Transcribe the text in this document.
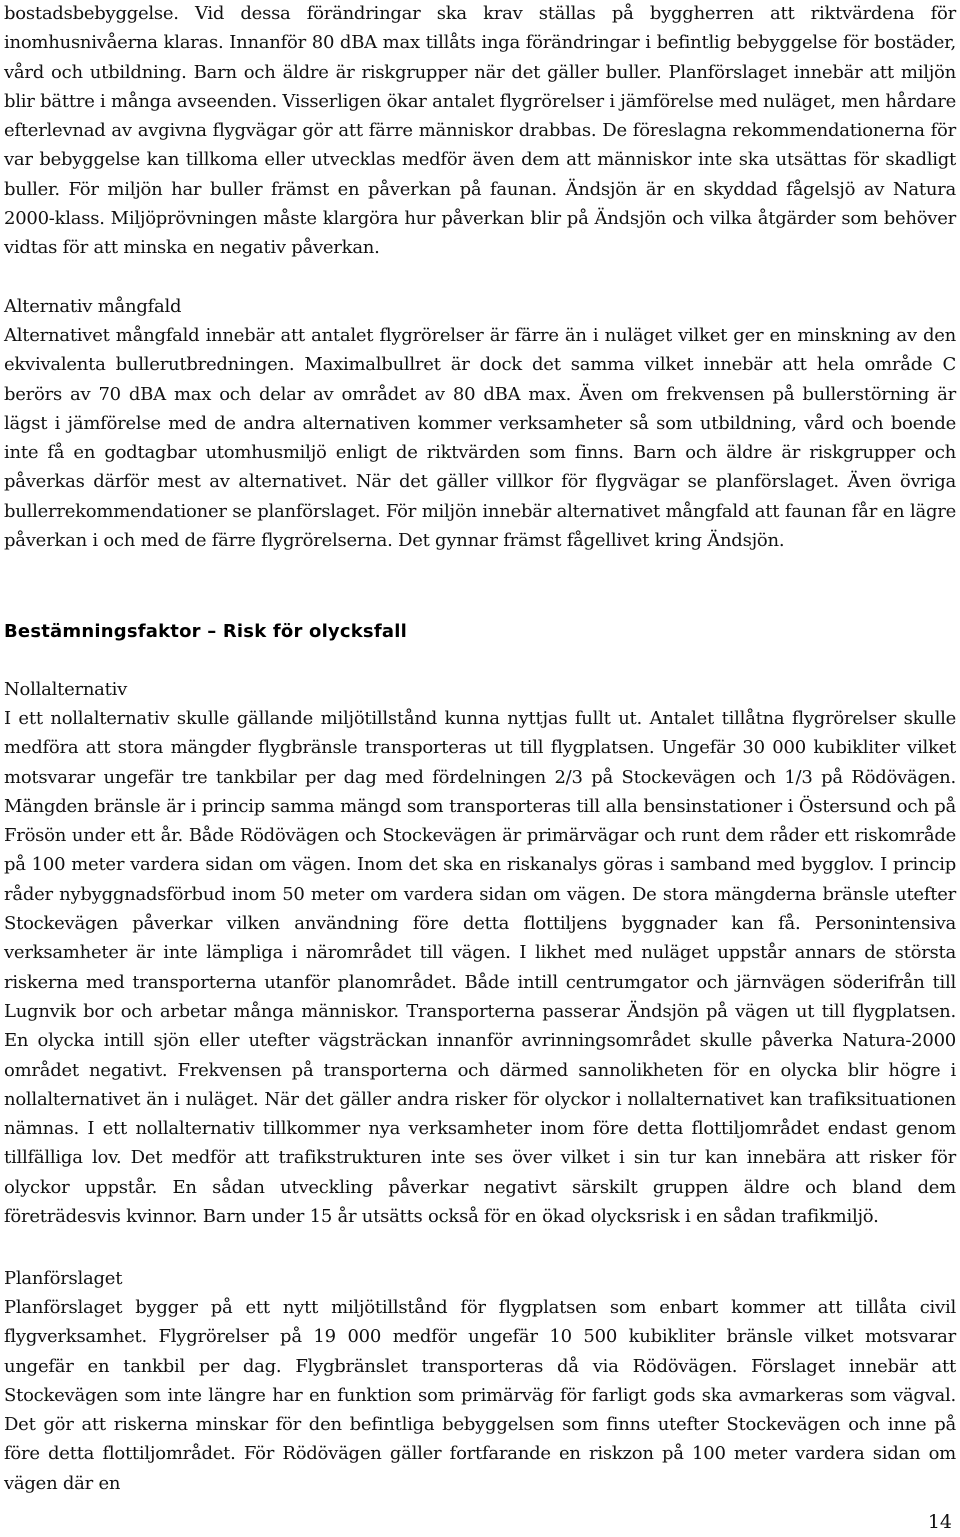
bostadsbebyggelse. Vid dessa förändringar ska krav ställas på byggherren att riktvärdena för inomhusnivåerna klaras. Innanför 80 dBA max tillåts inga förändringar i befintlig bebyggelse för bostäder, vård och utbildning. Barn och äldre är riskgrupper när det gäller buller. Planförslaget innebär att miljön blir bättre i många avseenden. Visserligen ökar antalet flygrörelser i jämförelse med nuläget, men hårdare efterlevnad av avgivna flygvägar gör att färre människor drabbas. De föreslagna rekommendationerna för var bebyggelse kan tillkoma eller utvecklas medför även dem att människor inte ska utsättas för skadligt buller. För miljön har buller främst en påverkan på faunan. Ändsjön är en skyddad fågelsjö av Natura 2000-klass. Miljöprövningen måste klargöra hur påverkan blir på Ändsjön och vilka åtgärder som behöver vidtas för att minska en negativ påverkan.

Alternativ mångfald

Alternativet mångfald innebär att antalet flygrörelser är färre än i nuläget vilket ger en minskning av den ekvivalenta bullerutbredningen. Maximalbullret är dock det samma vilket innebär att hela område C berörs av 70 dBA max och delar av området av 80 dBA max. Även om frekvensen på bullerstörning är lägst i jämförelse med de andra alternativen kommer verksamheter så som utbildning, vård och boende inte få en godtagbar utomhusmiljö enligt de riktvärden som finns. Barn och äldre är riskgrupper och påverkas därför mest av alternativet. När det gäller villkor för flygvägar se planförslaget. Även övriga bullerrekommendationer se planförslaget. För miljön innebär alternativet mångfald att faunan får en lägre påverkan i och med de färre flygrörelserna. Det gynnar främst fågellivet kring Ändsjön.

Bestämningsfaktor – Risk för olycksfall

Nollalternativ

I ett nollalternativ skulle gällande miljötillstånd kunna nyttjas fullt ut. Antalet tillåtna flygrörelser skulle medföra att stora mängder flygbränsle transporteras ut till flygplatsen. Ungefär 30 000 kubikliter vilket motsvarar ungefär tre tankbilar per dag med fördelningen 2/3 på Stockevägen och 1/3 på Rödövägen. Mängden bränsle är i princip samma mängd som transporteras till alla bensinstationer i Östersund och på Frösön under ett år. Både Rödövägen och Stockevägen är primärvägar och runt dem råder ett riskområde på 100 meter vardera sidan om vägen. Inom det ska en riskanalys göras i samband med bygglov. I princip råder nybyggnadsförbud inom 50 meter om vardera sidan om vägen. De stora mängderna bränsle utefter Stockevägen påverkar vilken användning före detta flottiljens byggnader kan få. Personintensiva verksamheter är inte lämpliga i närområdet till vägen. I likhet med nuläget uppstår annars de största riskerna med transporterna utanför planområdet. Både intill centrumgator och järnvägen söderifrån till Lugnvik bor och arbetar många människor. Transporterna passerar Ändsjön på vägen ut till flygplatsen. En olycka intill sjön eller utefter vägsträckan innanför avrinningsområdet skulle påverka Natura-2000 området negativt. Frekvensen på transporterna och därmed sannolikheten för en olycka blir högre i nollalternativet än i nuläget. När det gäller andra risker för olyckor i nollalternativet kan trafiksituationen nämnas. I ett nollalternativ tillkommer nya verksamheter inom före detta flottiljområdet endast genom tillfälliga lov. Det medför att trafikstrukturen inte ses över vilket i sin tur kan innebära att risker för olyckor uppstår. En sådan utveckling påverkar negativt särskilt gruppen äldre och bland dem företrädesvis kvinnor. Barn under 15 år utsätts också för en ökad olycksrisk i en sådan trafikmiljö.

Planförslaget

Planförslaget bygger på ett nytt miljötillstånd för flygplatsen som enbart kommer att tillåta civil flygverksamhet. Flygrörelser på 19 000 medför ungefär 10 500 kubikliter bränsle vilket motsvarar ungefär en tankbil per dag. Flygbränslet transporteras då via Rödövägen. Förslaget innebär att Stockevägen som inte längre har en funktion som primärväg för farligt gods ska avmarkeras som vägval. Det gör att riskerna minskar för den befintliga bebyggelsen som finns utefter Stockevägen och inne på före detta flottiljområdet. För Rödövägen gäller fortfarande en riskzon på 100 meter vardera sidan om vägen där en

14
